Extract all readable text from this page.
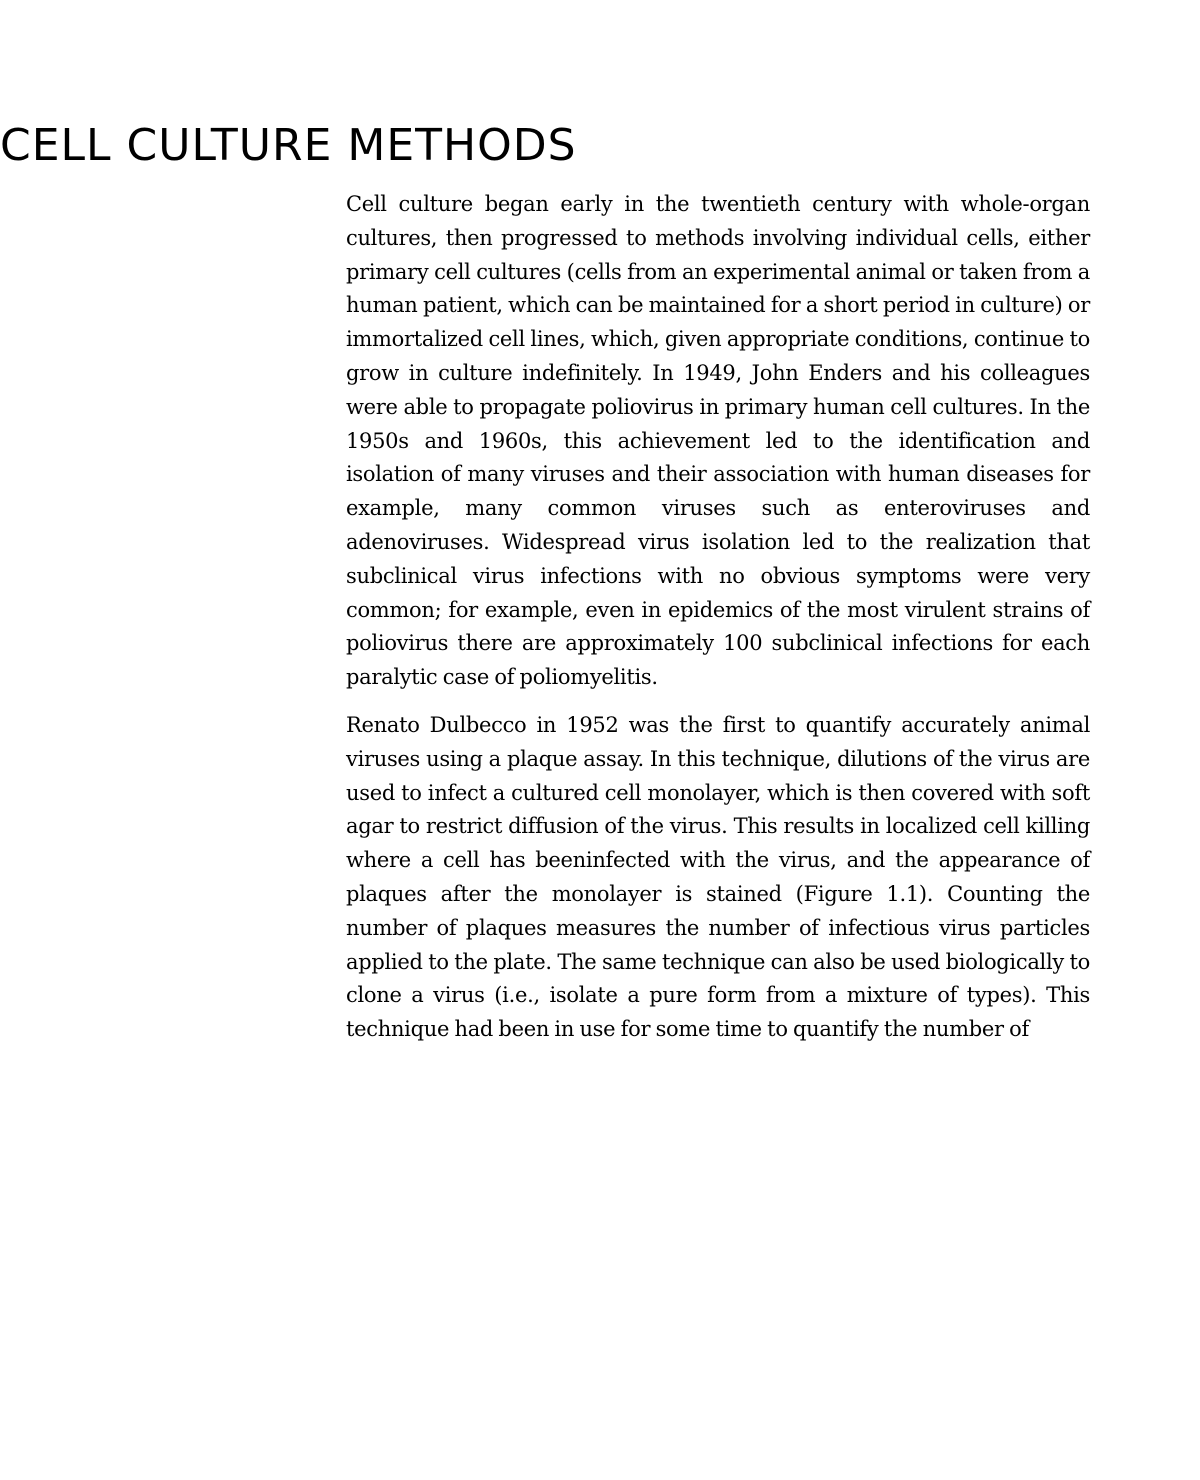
CELL CULTURE METHODS

Cell culture began early in the twentieth century with whole-organ cultures, then progressed to methods involving individual cells, either primary cell cultures (cells from an experimental animal or taken from a human patient, which can be maintained for a short period in culture) or immortalized cell lines, which, given appropriate conditions, continue to grow in culture indefinitely. In 1949, John Enders and his colleagues were able to propagate poliovirus in primary human cell cultures. In the 1950s and 1960s, this achievement led to the identification and isolation of many viruses and their association with human diseases for example, many common viruses such as enteroviruses and adenoviruses. Widespread virus isolation led to the realization that subclinical virus infections with no obvious symptoms were very common; for example, even in epidemics of the most virulent strains of poliovirus there are approximately 100 subclinical infections for each paralytic case of poliomyelitis.

Renato Dulbecco in 1952 was the first to quantify accurately animal viruses using a plaque assay. In this technique, dilutions of the virus are used to infect a cultured cell monolayer, which is then covered with soft agar to restrict diffusion of the virus. This results in localized cell killing where a cell has beeninfected with the virus, and the appearance of plaques after the monolayer is stained (Figure 1.1). Counting the number of plaques measures the number of infectious virus particles applied to the plate. The same technique can also be used biologically to clone a virus (i.e., isolate a pure form from a mixture of types). This technique had been in use for some time to quantify the number of
